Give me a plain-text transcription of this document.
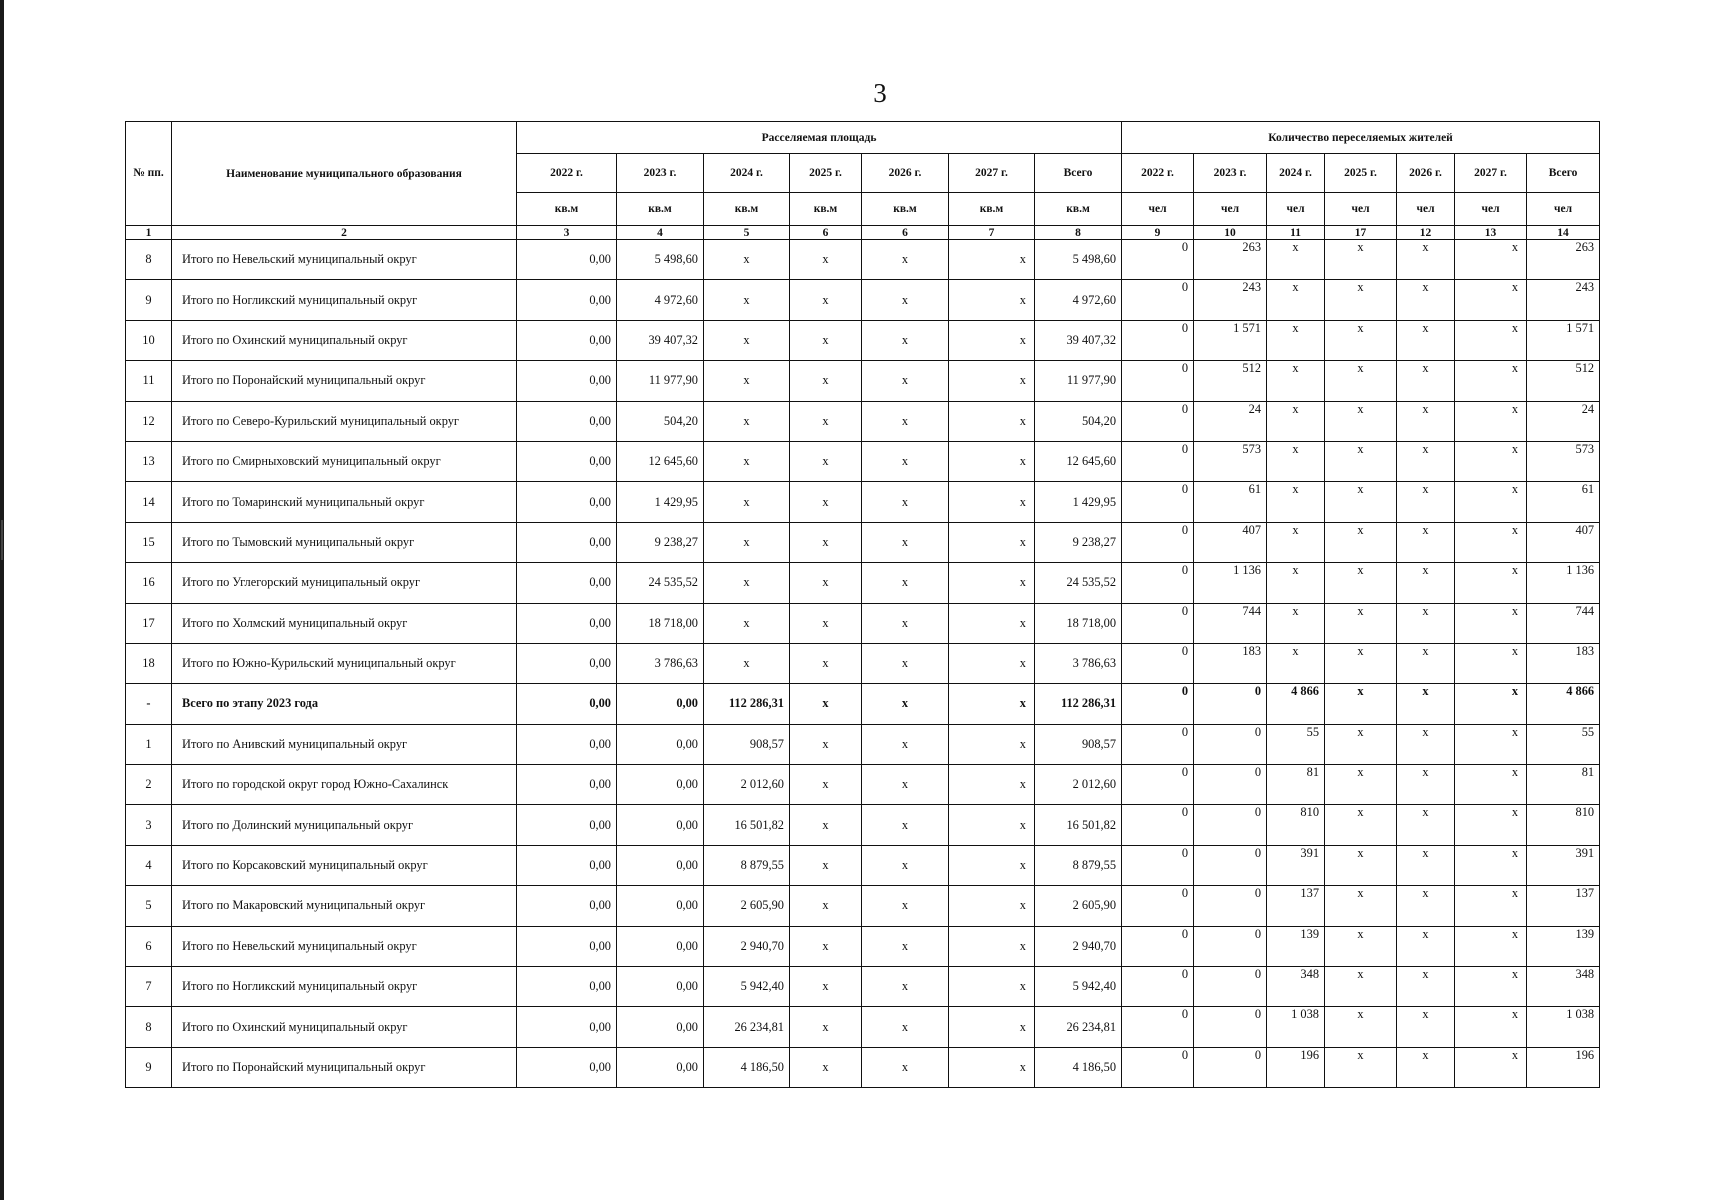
3
№ пп.	Наименование муниципального образования	Расселяемая площадь							Количество переселяемых жителей						
		2022 г.	2023 г.	2024 г.	2025 г.	2026 г.	2027 г.	Всего	2022 г.	2023 г.	2024 г.	2025 г.	2026 г.	2027 г.	Всего
		кв.м	кв.м	кв.м	кв.м	кв.м	кв.м	кв.м	чел	чел	чел	чел	чел	чел	чел
1	2	3	4	5	6	6	7	8	9	10	11	17	12	13	14
8	Итого по Невельский муниципальный округ	0,00	5 498,60	x	x	x	x	5 498,60	0	263	x	x	x	x	263
9	Итого по Ногликский муниципальный округ	0,00	4 972,60	x	x	x	x	4 972,60	0	243	x	x	x	x	243
10	Итого по Охинский муниципальный округ	0,00	39 407,32	x	x	x	x	39 407,32	0	1 571	x	x	x	x	1 571
11	Итого по Поронайский муниципальный округ	0,00	11 977,90	x	x	x	x	11 977,90	0	512	x	x	x	x	512
12	Итого по Северо-Курильский муниципальный округ	0,00	504,20	x	x	x	x	504,20	0	24	x	x	x	x	24
13	Итого по Смирныховский муниципальный округ	0,00	12 645,60	x	x	x	x	12 645,60	0	573	x	x	x	x	573
14	Итого по Томаринский муниципальный округ	0,00	1 429,95	x	x	x	x	1 429,95	0	61	x	x	x	x	61
15	Итого по Тымовский муниципальный округ	0,00	9 238,27	x	x	x	x	9 238,27	0	407	x	x	x	x	407
16	Итого по Углегорский муниципальный округ	0,00	24 535,52	x	x	x	x	24 535,52	0	1 136	x	x	x	x	1 136
17	Итого по Холмский муниципальный округ	0,00	18 718,00	x	x	x	x	18 718,00	0	744	x	x	x	x	744
18	Итого по Южно-Курильский муниципальный округ	0,00	3 786,63	x	x	x	x	3 786,63	0	183	x	x	x	x	183
-	Всего по этапу 2023 года	0,00	0,00	112 286,31	x	x	x	112 286,31	0	0	4 866	x	x	x	4 866
1	Итого по Анивский муниципальный округ	0,00	0,00	908,57	x	x	x	908,57	0	0	55	x	x	x	55
2	Итого по городской округ город Южно-Сахалинск	0,00	0,00	2 012,60	x	x	x	2 012,60	0	0	81	x	x	x	81
3	Итого по Долинский муниципальный округ	0,00	0,00	16 501,82	x	x	x	16 501,82	0	0	810	x	x	x	810
4	Итого по Корсаковский муниципальный округ	0,00	0,00	8 879,55	x	x	x	8 879,55	0	0	391	x	x	x	391
5	Итого по Макаровский муниципальный округ	0,00	0,00	2 605,90	x	x	x	2 605,90	0	0	137	x	x	x	137
6	Итого по Невельский муниципальный округ	0,00	0,00	2 940,70	x	x	x	2 940,70	0	0	139	x	x	x	139
7	Итого по Ногликский муниципальный округ	0,00	0,00	5 942,40	x	x	x	5 942,40	0	0	348	x	x	x	348
8	Итого по Охинский муниципальный округ	0,00	0,00	26 234,81	x	x	x	26 234,81	0	0	1 038	x	x	x	1 038
9	Итого по Поронайский муниципальный округ	0,00	0,00	4 186,50	x	x	x	4 186,50	0	0	196	x	x	x	196
